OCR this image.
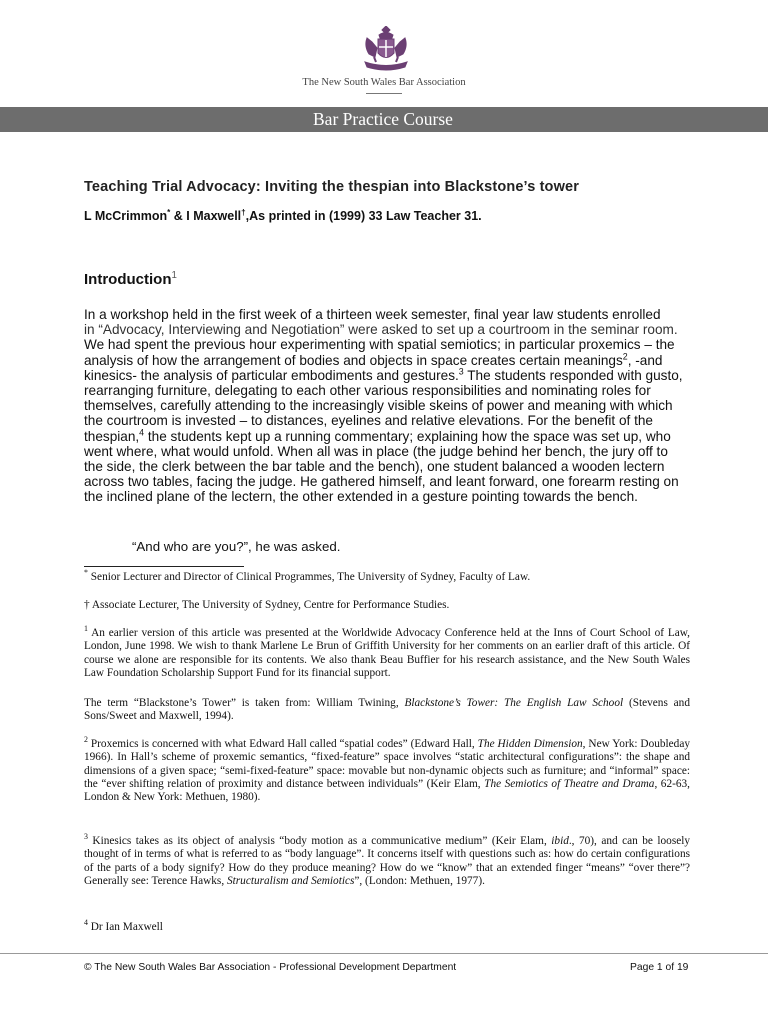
The New South Wales Bar Association
Bar Practice Course
Teaching Trial Advocacy: Inviting the thespian into Blackstone’s tower
L McCrimmon* & I Maxwell†,As printed in (1999) 33 Law Teacher 31.
Introduction$^1$
In a workshop held in the first week of a thirteen week semester, final year law students enrolled
in “Advocacy, Interviewing and Negotiation” were asked to set up a courtroom in the seminar room. We had spent the previous hour experimenting with spatial semiotics; in particular proxemics – the analysis of how the arrangement of bodies and objects in space creates certain meanings$^2$, -and kinesics- the analysis of particular embodiments and gestures.$^3$ The students responded with gusto, rearranging furniture, delegating to each other various responsibilities and nominating roles for themselves, carefully attending to the increasingly visible skeins of power and meaning with which the courtroom is invested – to distances, eyelines and relative elevations. For the benefit of the thespian,$^4$ the students kept up a running commentary; explaining how the space was set up, who went where, what would unfold. When all was in place (the judge behind her bench, the jury off to the side, the clerk between the bar table and the bench), one student balanced a wooden lectern across two tables, facing the judge. He gathered himself, and leant forward, one forearm resting on the inclined plane of the lectern, the other extended in a gesture pointing towards the bench.
“And who are you?”, he was asked.
* Senior Lecturer and Director of Clinical Programmes, The University of Sydney, Faculty of Law.
† Associate Lecturer, The University of Sydney, Centre for Performance Studies.
$^1$ An earlier version of this article was presented at the Worldwide Advocacy Conference held at the Inns of Court School of Law, London, June 1998. We wish to thank Marlene Le Brun of Griffith University for her comments on an earlier draft of this article. Of course we alone are responsible for its contents. We also thank Beau Buffier for his research assistance, and the New South Wales Law Foundation Scholarship Support Fund for its financial support.
The term “Blackstone’s Tower” is taken from: William Twining, Blackstone’s Tower: The English Law School (Stevens and Sons/Sweet and Maxwell, 1994).
$^2$ Proxemics is concerned with what Edward Hall called “spatial codes” (Edward Hall, The Hidden Dimension, New York: Doubleday 1966). In Hall’s scheme of proxemic semantics, “fixed-feature” space involves “static architectural configurations”: the shape and dimensions of a given space; “semi-fixed-feature” space: movable but non-dynamic objects such as furniture; and “informal” space: the “ever shifting relation of proximity and distance between individuals” (Keir Elam, The Semiotics of Theatre and Drama, 62-63, London & New York: Methuen, 1980).
$^3$ Kinesics takes as its object of analysis “body motion as a communicative medium” (Keir Elam, ibid., 70), and can be loosely thought of in terms of what is referred to as “body language”. It concerns itself with questions such as: how do certain configurations of the parts of a body signify? How do they produce meaning? How do we “know” that an extended finger “means” “over there”? Generally see: Terence Hawks, Structuralism and Semiotics”, (London: Methuen, 1977).
$^4$ Dr Ian Maxwell
© The New South Wales Bar Association - Professional Development Department	Page 1 of 19
